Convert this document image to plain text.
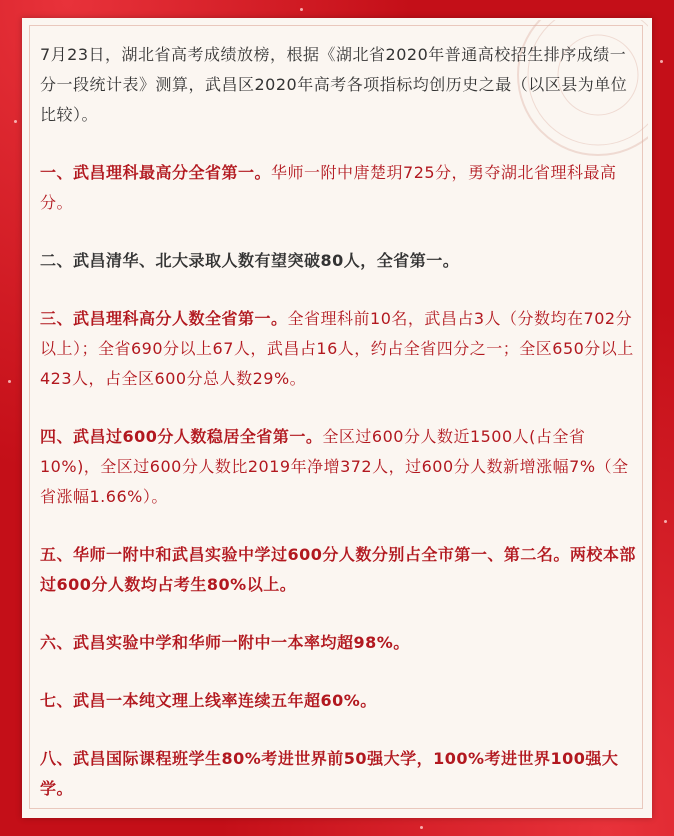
7月23日，湖北省高考成绩放榜，根据《湖北省2020年普通高校招生排序成绩一分一段统计表》测算，武昌区2020年高考各项指标均创历史之最（以区县为单位比较）。

一、武昌理科最高分全省第一。华师一附中唐楚玥725分，勇夺湖北省理科最高分。

二、武昌清华、北大录取人数有望突破80人，全省第一。

三、武昌理科高分人数全省第一。全省理科前10名，武昌占3人（分数均在702分以上）；全省690分以上67人，武昌占16人，约占全省四分之一；全区650分以上423人，占全区600分总人数29%。

四、武昌过600分人数稳居全省第一。全区过600分人数近1500人(占全省10%)，全区过600分人数比2019年净增372人，过600分人数新增涨幅7%（全省涨幅1.66%）。

五、华师一附中和武昌实验中学过600分人数分别占全市第一、第二名。两校本部过600分人数均占考生80%以上。

六、武昌实验中学和华师一附中一本率均超98%。

七、武昌一本纯文理上线率连续五年超60%。

八、武昌国际课程班学生80%考进世界前50强大学，100%考进世界100强大学。
